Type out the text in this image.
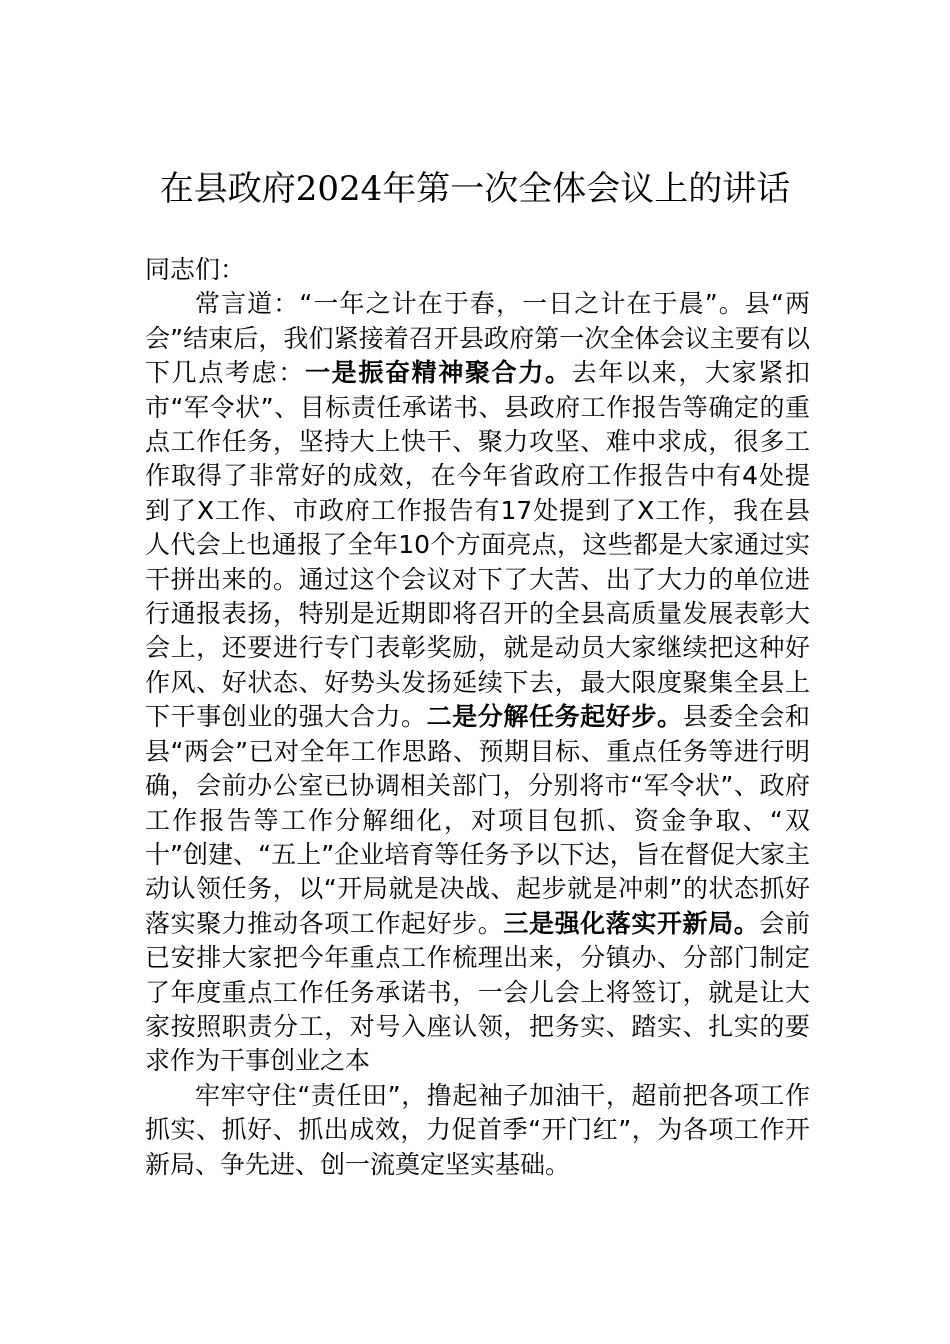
在县政府2024年第一次全体会议上的讲话

同志们：

常言道：“一年之计在于春，一日之计在于晨”。县“两会”结束后，我们紧接着召开县政府第一次全体会议主要有以下几点考虑：一是振奋精神聚合力。去年以来，大家紧扣市“军令状”、目标责任承诺书、县政府工作报告等确定的重点工作任务，坚持大上快干、聚力攻坚、难中求成，很多工作取得了非常好的成效，在今年省政府工作报告中有4处提到了X工作、市政府工作报告有17处提到了X工作，我在县人代会上也通报了全年10个方面亮点，这些都是大家通过实干拼出来的。通过这个会议对下了大苦、出了大力的单位进行通报表扬，特别是近期即将召开的全县高质量发展表彰大会上，还要进行专门表彰奖励，就是动员大家继续把这种好作风、好状态、好势头发扬延续下去，最大限度聚集全县上下干事创业的强大合力。二是分解任务起好步。县委全会和县“两会”已对全年工作思路、预期目标、重点任务等进行明确，会前办公室已协调相关部门，分别将市“军令状”、政府工作报告等工作分解细化，对项目包抓、资金争取、“双十”创建、“五上”企业培育等任务予以下达，旨在督促大家主动认领任务，以“开局就是决战、起步就是冲刺”的状态抓好落实聚力推动各项工作起好步。三是强化落实开新局。会前已安排大家把今年重点工作梳理出来，分镇办、分部门制定了年度重点工作任务承诺书，一会儿会上将签订，就是让大家按照职责分工，对号入座认领，把务实、踏实、扎实的要求作为干事创业之本

牢牢守住“责任田”，撸起袖子加油干，超前把各项工作抓实、抓好、抓出成效，力促首季“开门红”，为各项工作开新局、争先进、创一流奠定坚实基础。
